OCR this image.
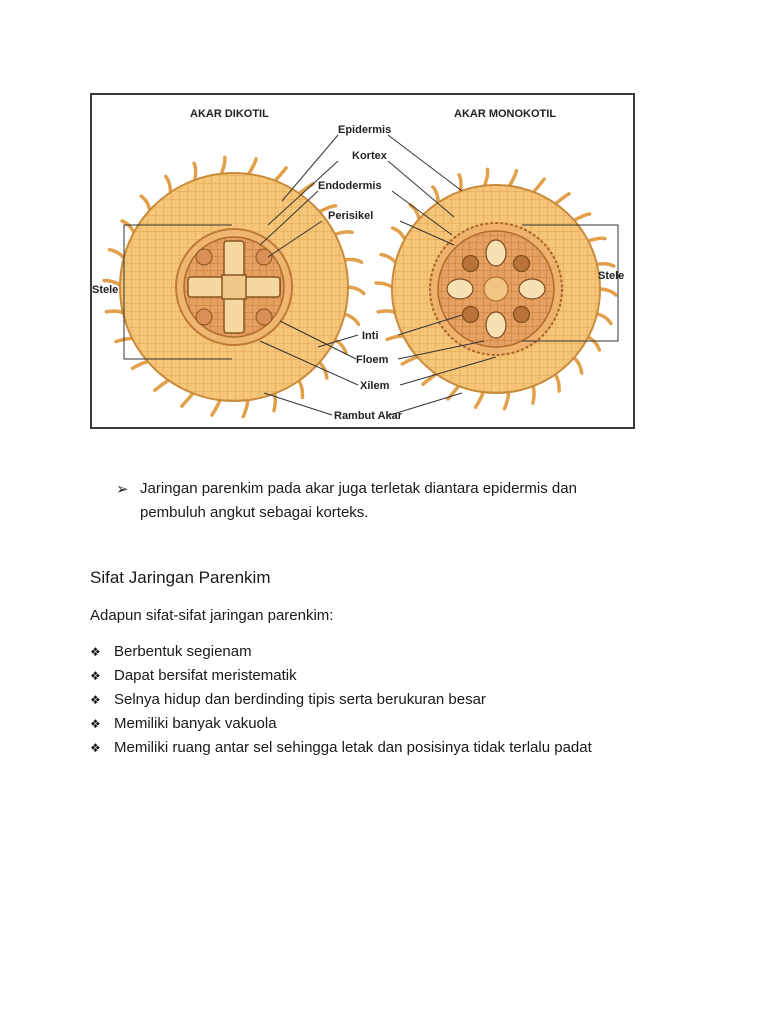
AKAR DIKOTIL	AKAR MONOKOTIL
Epidermis
Kortex
Endodermis
Perisikel
Stele
Stele
Inti
Floem
Xilem
Rambut Akar
➢ Jaringan parenkim pada akar juga terletak diantara epidermis dan
pembuluh angkut sebagai korteks.

Sifat Jaringan Parenkim

Adapun sifat-sifat jaringan parenkim:

❖ Berbentuk segienam
❖ Dapat bersifat meristematik
❖ Selnya hidup dan berdinding tipis serta berukuran besar
❖ Memiliki banyak vakuola
❖ Memiliki ruang antar sel sehingga letak dan posisinya tidak terlalu padat
